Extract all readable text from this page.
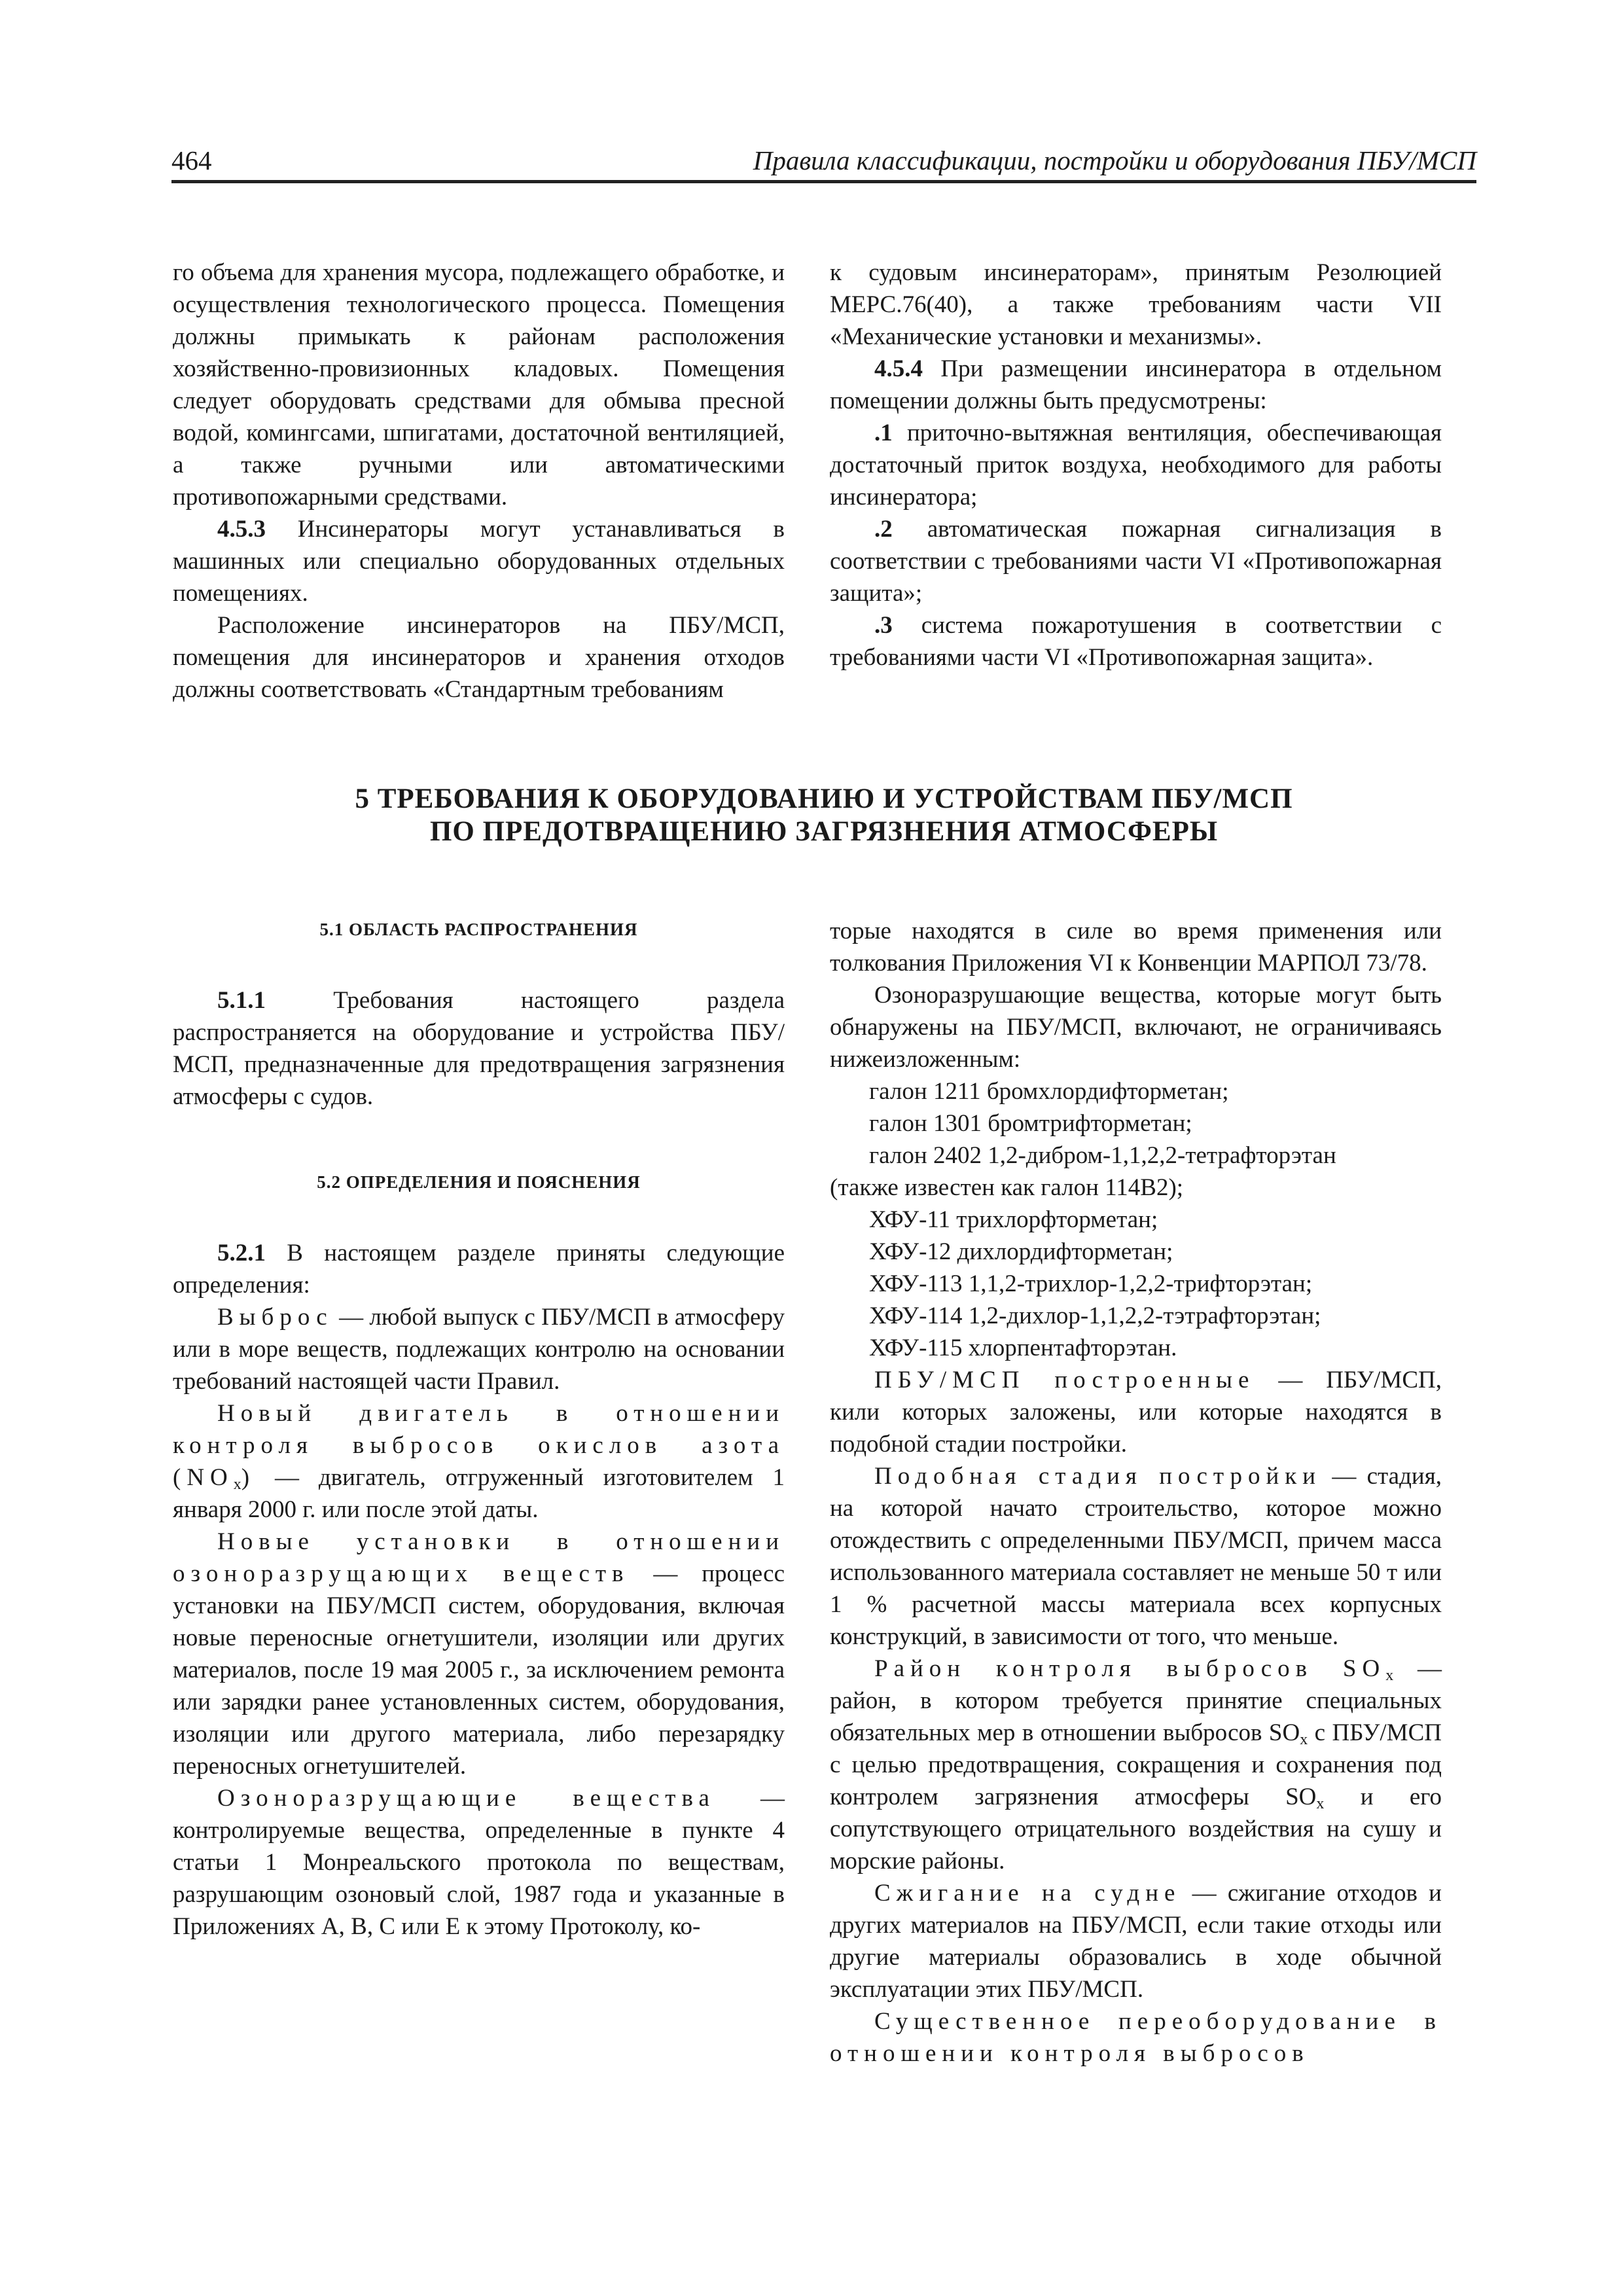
464	Правила классификации, постройки и оборудования ПБУ/МСП

го объема для хранения мусора, подлежащего обработке, и осуществления технологического процесса. Помещения должны примыкать к районам расположения хозяйственно-провизионных кладовых. Помещения следует оборудовать средствами для обмыва пресной водой, комингсами, шпигатами, достаточной вентиляцией, а также ручными или автоматическими противопожарными средствами.

4.5.3 Инсинераторы могут устанавливаться в машинных или специально оборудованных отдельных помещениях.

Расположение инсинераторов на ПБУ/МСП, помещения для инсинераторов и хранения отходов должны соответствовать «Стандартным требованиям

к судовым инсинераторам», принятым Резолюцией МЕРС.76(40), а также требованиям части VII «Механические установки и механизмы».

4.5.4 При размещении инсинератора в отдельном помещении должны быть предусмотрены:

.1 приточно-вытяжная вентиляция, обеспечивающая достаточный приток воздуха, необходимого для работы инсинератора;

.2 автоматическая пожарная сигнализация в соответствии с требованиями части VI «Противопожарная защита»;

.3 система пожаротушения в соответствии с требованиями части VI «Противопожарная защита».

5 ТРЕБОВАНИЯ К ОБОРУДОВАНИЮ И УСТРОЙСТВАМ ПБУ/МСП
ПО ПРЕДОТВРАЩЕНИЮ ЗАГРЯЗНЕНИЯ АТМОСФЕРЫ

5.1 ОБЛАСТЬ РАСПРОСТРАНЕНИЯ

5.1.1 Требования настоящего раздела распространяется на оборудование и устройства ПБУ/МСП, предназначенные для предотвращения загрязнения атмосферы с судов.

5.2 ОПРЕДЕЛЕНИЯ И ПОЯСНЕНИЯ

5.2.1 В настоящем разделе приняты следующие определения:

Выброс — любой выпуск с ПБУ/МСП в атмосферу или в море веществ, подлежащих контролю на основании требований настоящей части Правил.

Новый двигатель в отношении контроля выбросов окислов азота $(NO_x)$ — двигатель, отгруженный изготовителем 1 января 2000 г. или после этой даты.

Новые установки в отношении озоноразрущающих веществ — процесс установки на ПБУ/МСП систем, оборудования, включая новые переносные огнетушители, изоляции или других материалов, после 19 мая 2005 г., за исключением ремонта или зарядки ранее установленных систем, оборудования, изоляции или другого материала, либо перезарядку переносных огнетушителей.

Озоноразрущающие вещества — контролируемые вещества, определенные в пункте 4 статьи 1 Монреальского протокола по веществам, разрушающим озоновый слой, 1987 года и указанные в Приложениях А, В, С или Е к этому Протоколу, ко-

торые находятся в силе во время применения или толкования Приложения VI к Конвенции МАРПОЛ 73/78.

Озоноразрушающие вещества, которые могут быть обнаружены на ПБУ/МСП, включают, не ограничиваясь нижеизложенным:

галон 1211 бромхлордифторметан;

галон 1301 бромтрифторметан;

галон 2402 1,2-дибром-1,1,2,2-тетрафторэтан

(также известен как галон 114В2);

ХФУ-11 трихлорфторметан;

ХФУ-12 дихлордифторметан;

ХФУ-113 1,1,2-трихлор-1,2,2-трифторэтан;

ХФУ-114 1,2-дихлор-1,1,2,2-тэтрафторэтан;

ХФУ-115 хлорпентафторэтан.

ПБУ/МСП построенные — ПБУ/МСП, кили которых заложены, или которые находятся в подобной стадии постройки.

Подобная стадия постройки — стадия, на которой начато строительство, которое можно отождествить с определенными ПБУ/МСП, причем масса использованного материала составляет не меньше 50 т или 1 % расчетной массы материала всех корпусных конструкций, в зависимости от того, что меньше.

Район контроля выбросов $SO_x$ — район, в котором требуется принятие специальных обязательных мер в отношении выбросов $SO_x$ с ПБУ/МСП с целью предотвращения, сокращения и сохранения под контролем загрязнения атмосферы $SO_x$ и его сопутствующего отрицательного воздействия на сушу и морские районы.

Сжигание на судне — сжигание отходов и других материалов на ПБУ/МСП, если такие отходы или другие материалы образовались в ходе обычной эксплуатации этих ПБУ/МСП.

Существенное переоборудование в отношении контроля выбросов
